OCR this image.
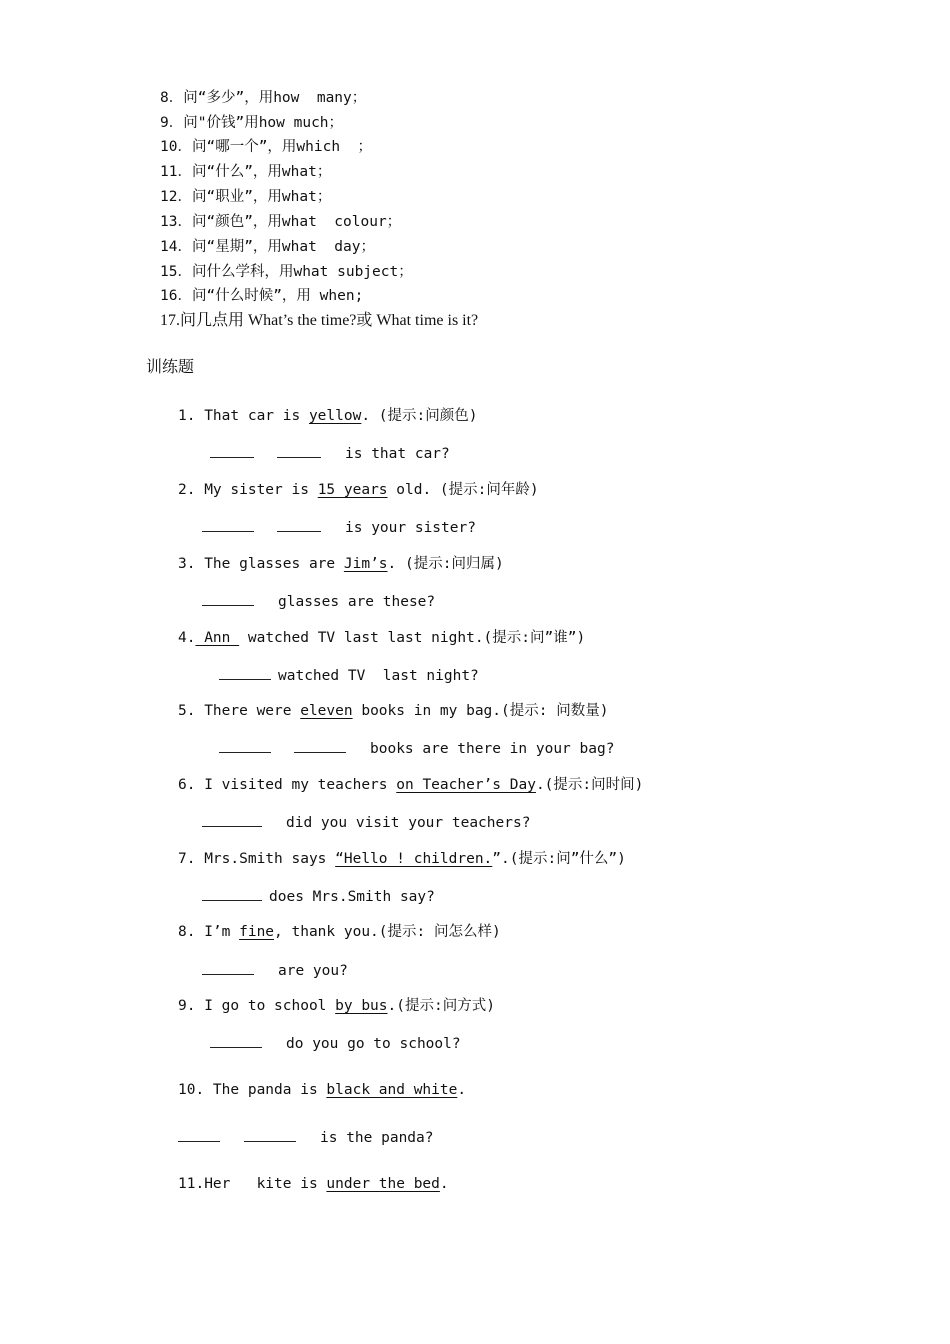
8．问“多少”，用how  many；
9．问"价钱”用how much；
10．问“哪一个”，用which  ；
11．问“什么”，用what；
12．问“职业”，用what；
13．问“颜色”，用what  colour；
14．问“星期”，用what  day；
15．问什么学科，用what subject；
16．问“什么时候”，用 when;
17.问几点用 What’s the time?或 What time is it?
训练题
1. That car is yellow. (提示:问颜色)
is that car?
2. My sister is 15 years old. (提示:问年龄)
is your sister?
3. The glasses are Jim’s. (提示:问归属)
glasses are these?
4. Ann  watched TV last last night.(提示:问”谁”)
watched TV  last night?
5. There were eleven books in my bag.(提示: 问数量)
books are there in your bag?
6. I visited my teachers on Teacher’s Day.(提示:问时间)
did you visit your teachers?
7. Mrs.Smith says “Hello ! children.”.(提示:问”什么”)
does Mrs.Smith say?
8. I’m fine, thank you.(提示: 问怎么样)
are you?
9. I go to school by bus.(提示:问方式)
do you go to school?
10. The panda is black and white.
is the panda?
11.Her   kite is under the bed.
